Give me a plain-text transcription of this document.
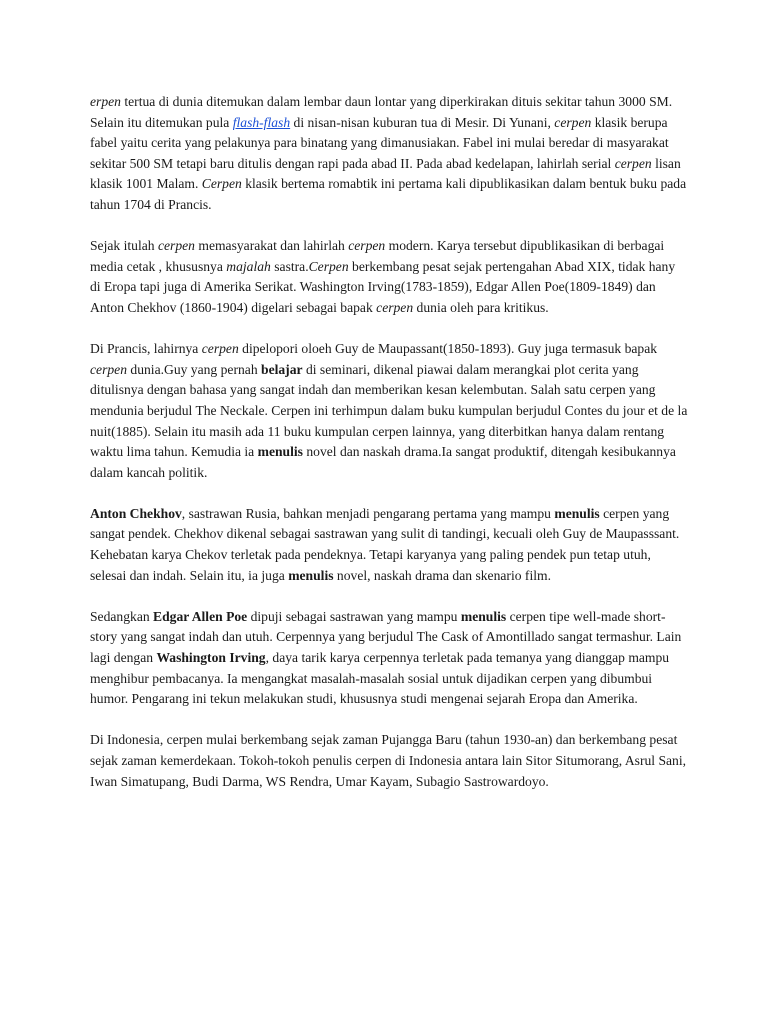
erpen tertua di dunia ditemukan dalam lembar daun lontar yang diperkirakan dituis sekitar tahun 3000 SM. Selain itu ditemukan pula flash-flash di nisan-nisan kuburan tua di Mesir. Di Yunani, cerpen klasik berupa fabel yaitu cerita yang pelakunya para binatang yang dimanusiakan. Fabel ini mulai beredar di masyarakat sekitar 500 SM tetapi baru ditulis dengan rapi pada abad II. Pada abad kedelapan, lahirlah serial cerpen lisan klasik 1001 Malam. Cerpen klasik bertema romabtik ini pertama kali dipublikasikan dalam bentuk buku pada tahun 1704 di Prancis.

Sejak itulah cerpen memasyarakat dan lahirlah cerpen modern. Karya tersebut dipublikasikan di berbagai media cetak , khususnya majalah sastra.Cerpen berkembang pesat sejak pertengahan Abad XIX, tidak hany di Eropa tapi juga di Amerika Serikat. Washington Irving(1783-1859), Edgar Allen Poe(1809-1849) dan Anton Chekhov (1860-1904) digelari sebagai bapak cerpen dunia oleh para kritikus.

Di Prancis, lahirnya cerpen dipelopori oloeh Guy de Maupassant(1850-1893). Guy juga termasuk bapak cerpen dunia.Guy yang pernah belajar di seminari, dikenal piawai dalam merangkai plot cerita yang ditulisnya dengan bahasa yang sangat indah dan memberikan kesan kelembutan. Salah satu cerpen yang mendunia berjudul The Neckale. Cerpen ini terhimpun dalam buku kumpulan berjudul Contes du jour et de la nuit(1885). Selain itu masih ada 11 buku kumpulan cerpen lainnya, yang diterbitkan hanya dalam rentang waktu lima tahun. Kemudia ia menulis novel dan naskah drama.Ia sangat produktif, ditengah kesibukannya dalam kancah politik.

Anton Chekhov, sastrawan Rusia, bahkan menjadi pengarang pertama yang mampu menulis cerpen yang sangat pendek. Chekhov dikenal sebagai sastrawan yang sulit di tandingi, kecuali oleh Guy de Maupasssant. Kehebatan karya Chekov terletak pada pendeknya. Tetapi karyanya yang paling pendek pun tetap utuh, selesai dan indah. Selain itu, ia juga menulis novel, naskah drama dan skenario film.

Sedangkan Edgar Allen Poe dipuji sebagai sastrawan yang mampu menulis cerpen tipe well-made short-story yang sangat indah dan utuh. Cerpennya yang berjudul The Cask of Amontillado sangat termashur. Lain lagi dengan Washington Irving, daya tarik karya cerpennya terletak pada temanya yang dianggap mampu menghibur pembacanya. Ia mengangkat masalah-masalah sosial untuk dijadikan cerpen yang dibumbui humor. Pengarang ini tekun melakukan studi, khususnya studi mengenai sejarah Eropa dan Amerika.

Di Indonesia, cerpen mulai berkembang sejak zaman Pujangga Baru (tahun 1930-an) dan berkembang pesat sejak zaman kemerdekaan. Tokoh-tokoh penulis cerpen di Indonesia antara lain Sitor Situmorang, Asrul Sani, Iwan Simatupang, Budi Darma, WS Rendra, Umar Kayam, Subagio Sastrowardoyo.
